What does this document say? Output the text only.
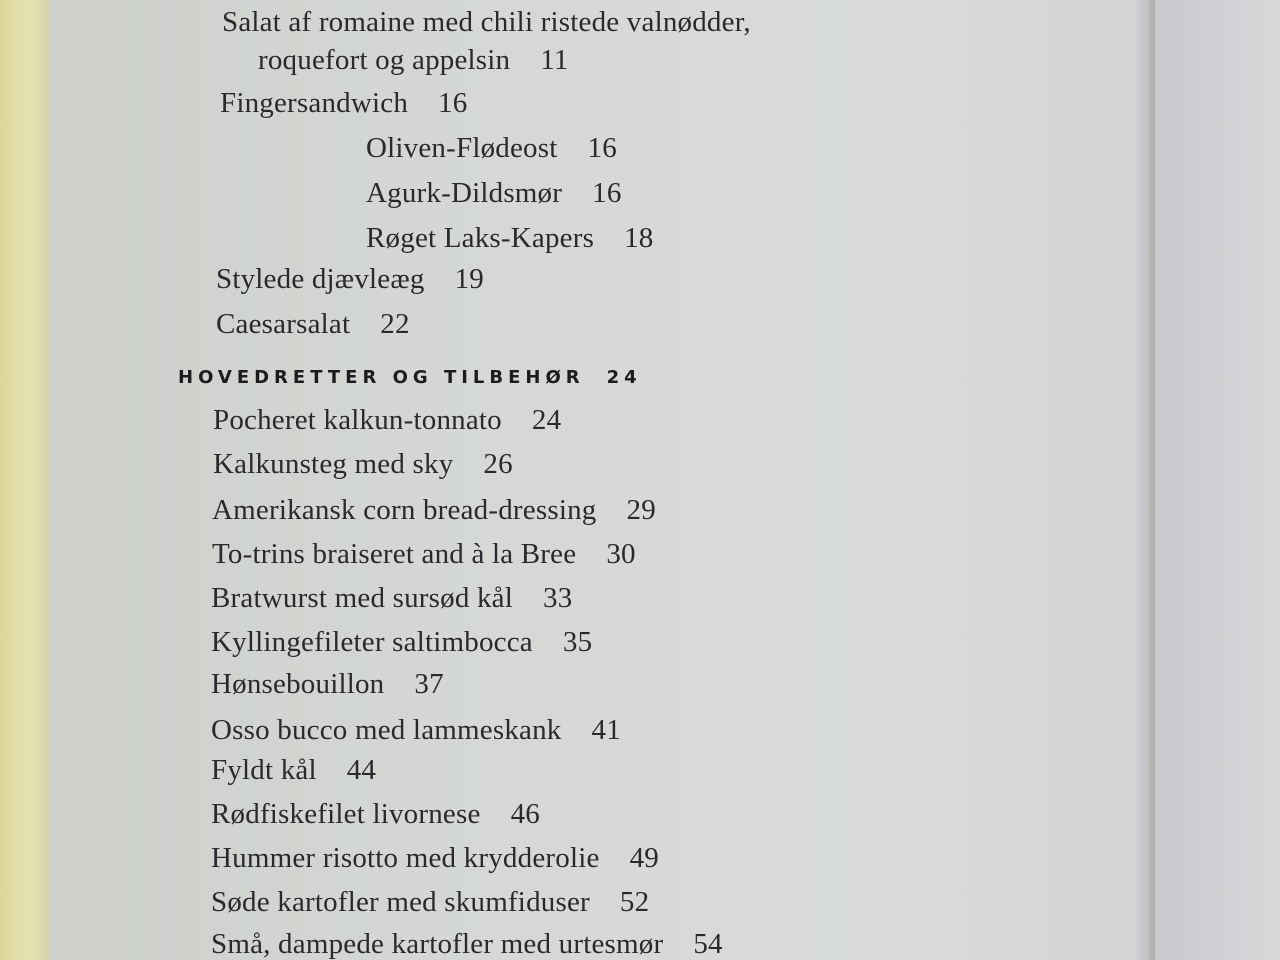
Salat af romaine med chili ristede valnødder,
roquefort og appelsin 11
Fingersandwich 16
Oliven-Flødeost 16
Agurk-Dildsmør 16
Røget Laks-Kapers 18
Stylede djævleæg 19
Caesarsalat 22
HOVEDRETTER OG TILBEHØR 24
Pocheret kalkun-tonnato 24
Kalkunsteg med sky 26
Amerikansk corn bread-dressing 29
To-trins braiseret and à la Bree 30
Bratwurst med sursød kål 33
Kyllingefileter saltimbocca 35
Hønsebouillon 37
Osso bucco med lammeskank 41
Fyldt kål 44
Rødfiskefilet livornese 46
Hummer risotto med krydderolie 49
Søde kartofler med skumfiduser 52
Små, dampede kartofler med urtesmør 54
